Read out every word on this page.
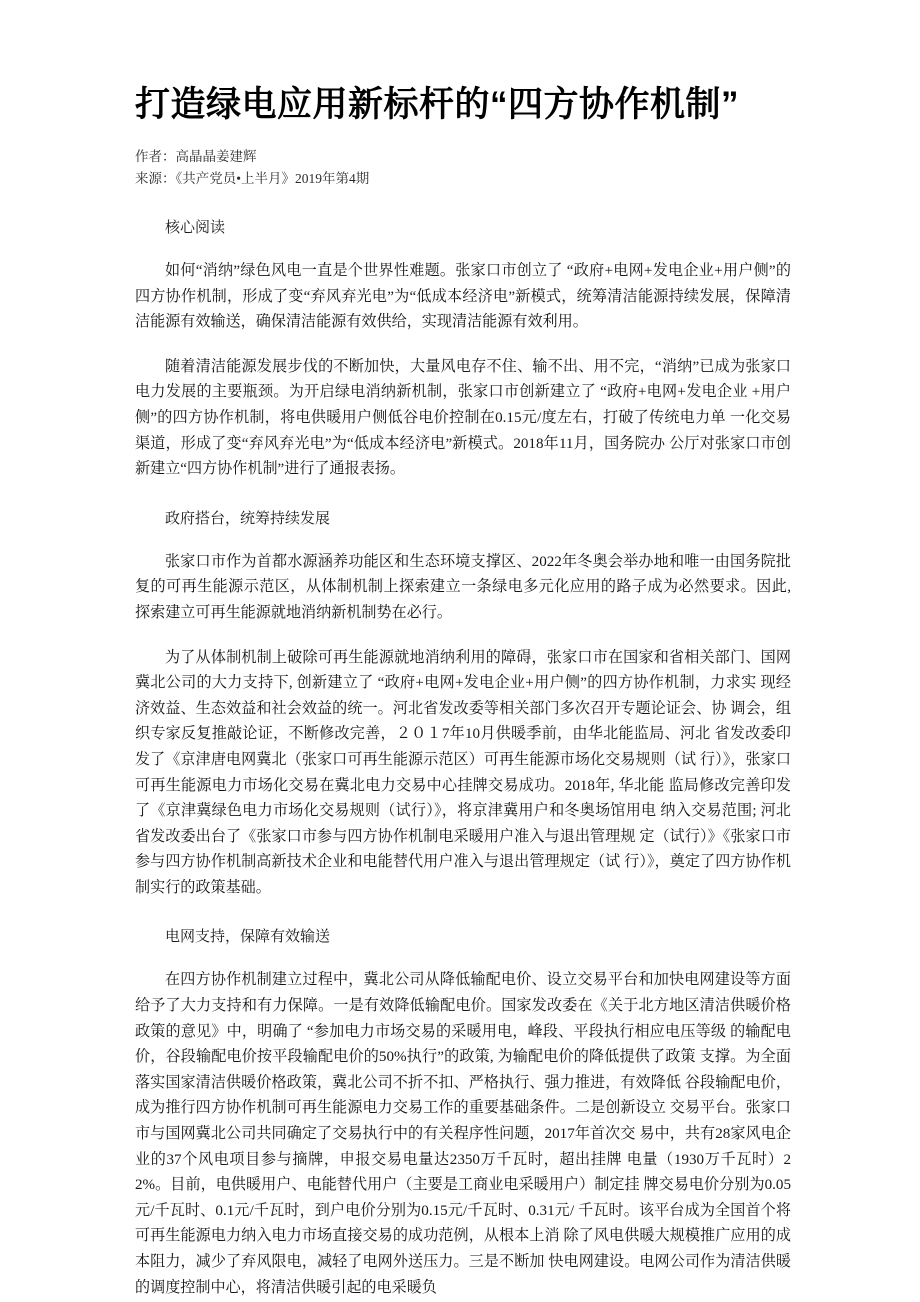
打造绿电应用新标杆的“四方协作机制”
作者：高晶晶姜建辉
来源：《共产党员•上半月》2019年第4期
核心阅读

如何“消纳”绿色风电一直是个世界性难题。张家口市创立了 “政府+电网+发电企业+用户侧”的四方协作机制，形成了变“弃风弃光电”为“低成本经济电”新模式，统筹清洁能源持续发展，保障清洁能源有效输送，确保清洁能源有效供给，实现清洁能源有效利用。

随着清洁能源发展步伐的不断加快，大量风电存不住、输不出、用不完，“消纳”已成为张家口电力发展的主要瓶颈。为开启绿电消纳新机制，张家口市创新建立了 “政府+电网+发电企业 +用户侧”的四方协作机制，将电供暖用户侧低谷电价控制在0.15元/度左右，打破了传统电力单 一化交易渠道，形成了变“弃风弃光电”为“低成本经济电”新模式。2018年11月，国务院办 公厅对张家口市创新建立“四方协作机制”进行了通报表扬。

政府搭台，统筹持续发展

张家口市作为首都水源涵养功能区和生态环境支撑区、2022年冬奥会举办地和唯一由国务院批复的可再生能源示范区，从体制机制上探索建立一条绿电多元化应用的路子成为必然要求。因此, 探索建立可再生能源就地消纳新机制势在必行。

为了从体制机制上破除可再生能源就地消纳利用的障碍，张家口市在国家和省相关部门、国网冀北公司的大力支持下, 创新建立了 “政府+电网+发电企业+用户侧”的四方协作机制，力求实 现经济效益、生态效益和社会效益的统一。河北省发改委等相关部门多次召开专题论证会、协 调会，组织专家反复推敲论证，不断修改完善，２０１7年10月供暖季前，由华北能监局、河北 省发改委印发了《京津唐电网冀北（张家口可再生能源示范区）可再生能源市场化交易规则（试 行）》，张家口可再生能源电力市场化交易在冀北电力交易中心挂牌交易成功。2018年, 华北能 监局修改完善印发了《京津冀绿色电力市场化交易规则（试行）》，将京津冀用户和冬奥场馆用电 纳入交易范围; 河北省发改委出台了《张家口市参与四方协作机制电采暖用户准入与退出管理规 定（试行）》《张家口市参与四方协作机制高新技术企业和电能替代用户准入与退出管理规定（试 行）》，奠定了四方协作机制实行的政策基础。

电网支持，保障有效输送

在四方协作机制建立过程中，冀北公司从降低输配电价、设立交易平台和加快电网建设等方面给予了大力支持和有力保障。一是有效降低输配电价。国家发改委在《关于北方地区清洁供暖价格政策的意见》中，明确了 “参加电力市场交易的采暖用电，峰段、平段执行相应电压等级 的输配电价，谷段输配电价按平段输配电价的50%执行”的政策, 为输配电价的降低提供了政策 支撑。为全面落实国家清洁供暖价格政策，冀北公司不折不扣、严格执行、强力推进，有效降低 谷段输配电价，成为推行四方协作机制可再生能源电力交易工作的重要基础条件。二是创新设立 交易平台。张家口市与国网冀北公司共同确定了交易执行中的有关程序性问题，2017年首次交 易中，共有28家风电企业的37个风电项目参与摘牌，申报交易电量达2350万千瓦时，超出挂牌 电量（1930万千瓦时）22%。目前，电供暖用户、电能替代用户（主要是工商业电采暖用户）制定挂 牌交易电价分别为0.05元/千瓦时、0.1元/千瓦时，到户电价分别为0.15元/千瓦时、0.31元/ 千瓦时。该平台成为全国首个将可再生能源电力纳入电力市场直接交易的成功范例，从根本上消 除了风电供暖大规模推广应用的成本阻力，减少了弃风限电，减轻了电网外送压力。三是不断加 快电网建设。电网公司作为清洁供暖的调度控制中心，将清洁供暖引起的电采暖负
